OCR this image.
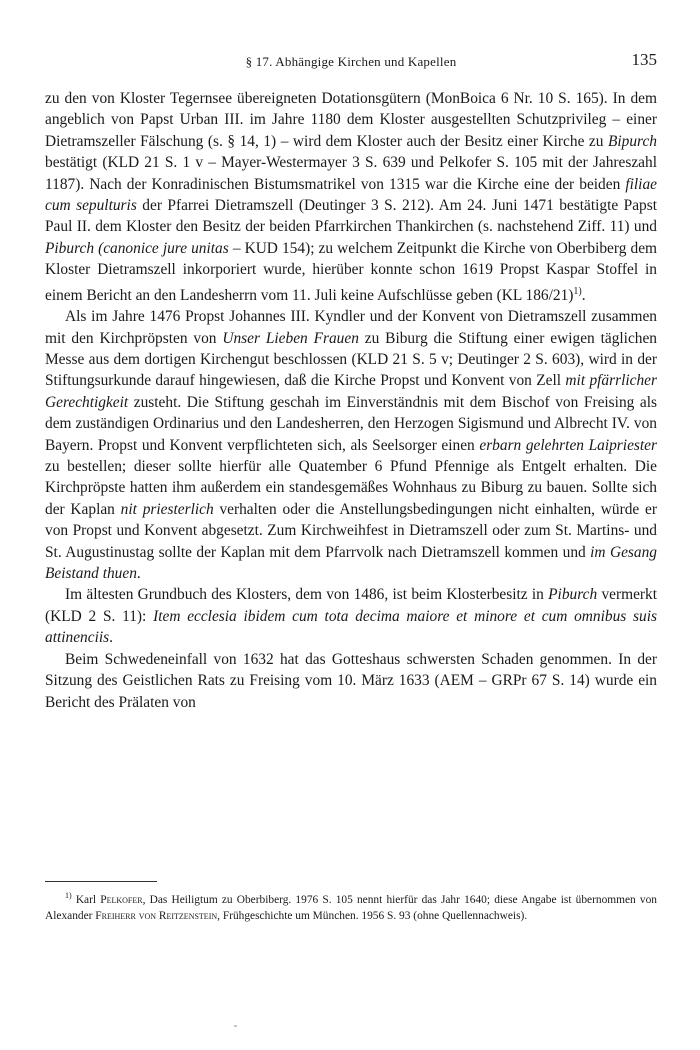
§ 17. Abhängige Kirchen und Kapellen	135

zu den von Kloster Tegernsee übereigneten Dotationsgütern (MonBoica 6 Nr. 10 S. 165). In dem angeblich von Papst Urban III. im Jahre 1180 dem Kloster ausgestellten Schutzprivileg – einer Dietramszeller Fälschung (s. § 14, 1) – wird dem Kloster auch der Besitz einer Kirche zu Bipurch bestätigt (KLD 21 S. 1 v – Mayer-Westermayer 3 S. 639 und Pelkofer S. 105 mit der Jahreszahl 1187). Nach der Konradinischen Bistumsmatrikel von 1315 war die Kirche eine der beiden filiae cum sepulturis der Pfarrei Dietramszell (Deutinger 3 S. 212). Am 24. Juni 1471 bestätigte Papst Paul II. dem Kloster den Besitz der beiden Pfarrkirchen Thankirchen (s. nachstehend Ziff. 11) und Piburch (canonice jure unitas – KUD 154); zu welchem Zeitpunkt die Kirche von Oberbiberg dem Kloster Dietramszell inkorporiert wurde, hierüber konnte schon 1619 Propst Kaspar Stoffel in einem Bericht an den Landesherrn vom 11. Juli keine Aufschlüsse geben (KL 186/21)$^{1)}$.

Als im Jahre 1476 Propst Johannes III. Kyndler und der Konvent von Dietramszell zusammen mit den Kirchpröpsten von Unser Lieben Frauen zu Biburg die Stiftung einer ewigen täglichen Messe aus dem dortigen Kirchengut beschlossen (KLD 21 S. 5 v; Deutinger 2 S. 603), wird in der Stiftungsurkunde darauf hingewiesen, daß die Kirche Propst und Konvent von Zell mit pfärrlicher Gerechtigkeit zusteht. Die Stiftung geschah im Einverständnis mit dem Bischof von Freising als dem zuständigen Ordinarius und den Landesherren, den Herzogen Sigismund und Albrecht IV. von Bayern. Propst und Konvent verpflichteten sich, als Seelsorger einen erbarn gelehrten Laipriester zu bestellen; dieser sollte hierfür alle Quatember 6 Pfund Pfennige als Entgelt erhalten. Die Kirchpröpste hatten ihm außerdem ein standesgemäßes Wohnhaus zu Biburg zu bauen. Sollte sich der Kaplan nit priesterlich verhalten oder die Anstellungsbedingungen nicht einhalten, würde er von Propst und Konvent abgesetzt. Zum Kirchweihfest in Dietramszell oder zum St. Martins- und St. Augustinustag sollte der Kaplan mit dem Pfarrvolk nach Dietramszell kommen und im Gesang Beistand thuen.

Im ältesten Grundbuch des Klosters, dem von 1486, ist beim Klosterbesitz in Piburch vermerkt (KLD 2 S. 11): Item ecclesia ibidem cum tota decima maiore et minore et cum omnibus suis attinenciis.

Beim Schwedeneinfall von 1632 hat das Gotteshaus schwersten Schaden genommen. In der Sitzung des Geistlichen Rats zu Freising vom 10. März 1633 (AEM – GRPr 67 S. 14) wurde ein Bericht des Prälaten von

$^{1)}$ Karl Pelkofer, Das Heiligtum zu Oberbiberg. 1976 S. 105 nennt hierfür das Jahr 1640; diese Angabe ist übernommen von Alexander Freiherr von Reitzenstein, Frühgeschichte um München. 1956 S. 93 (ohne Quellennachweis).
